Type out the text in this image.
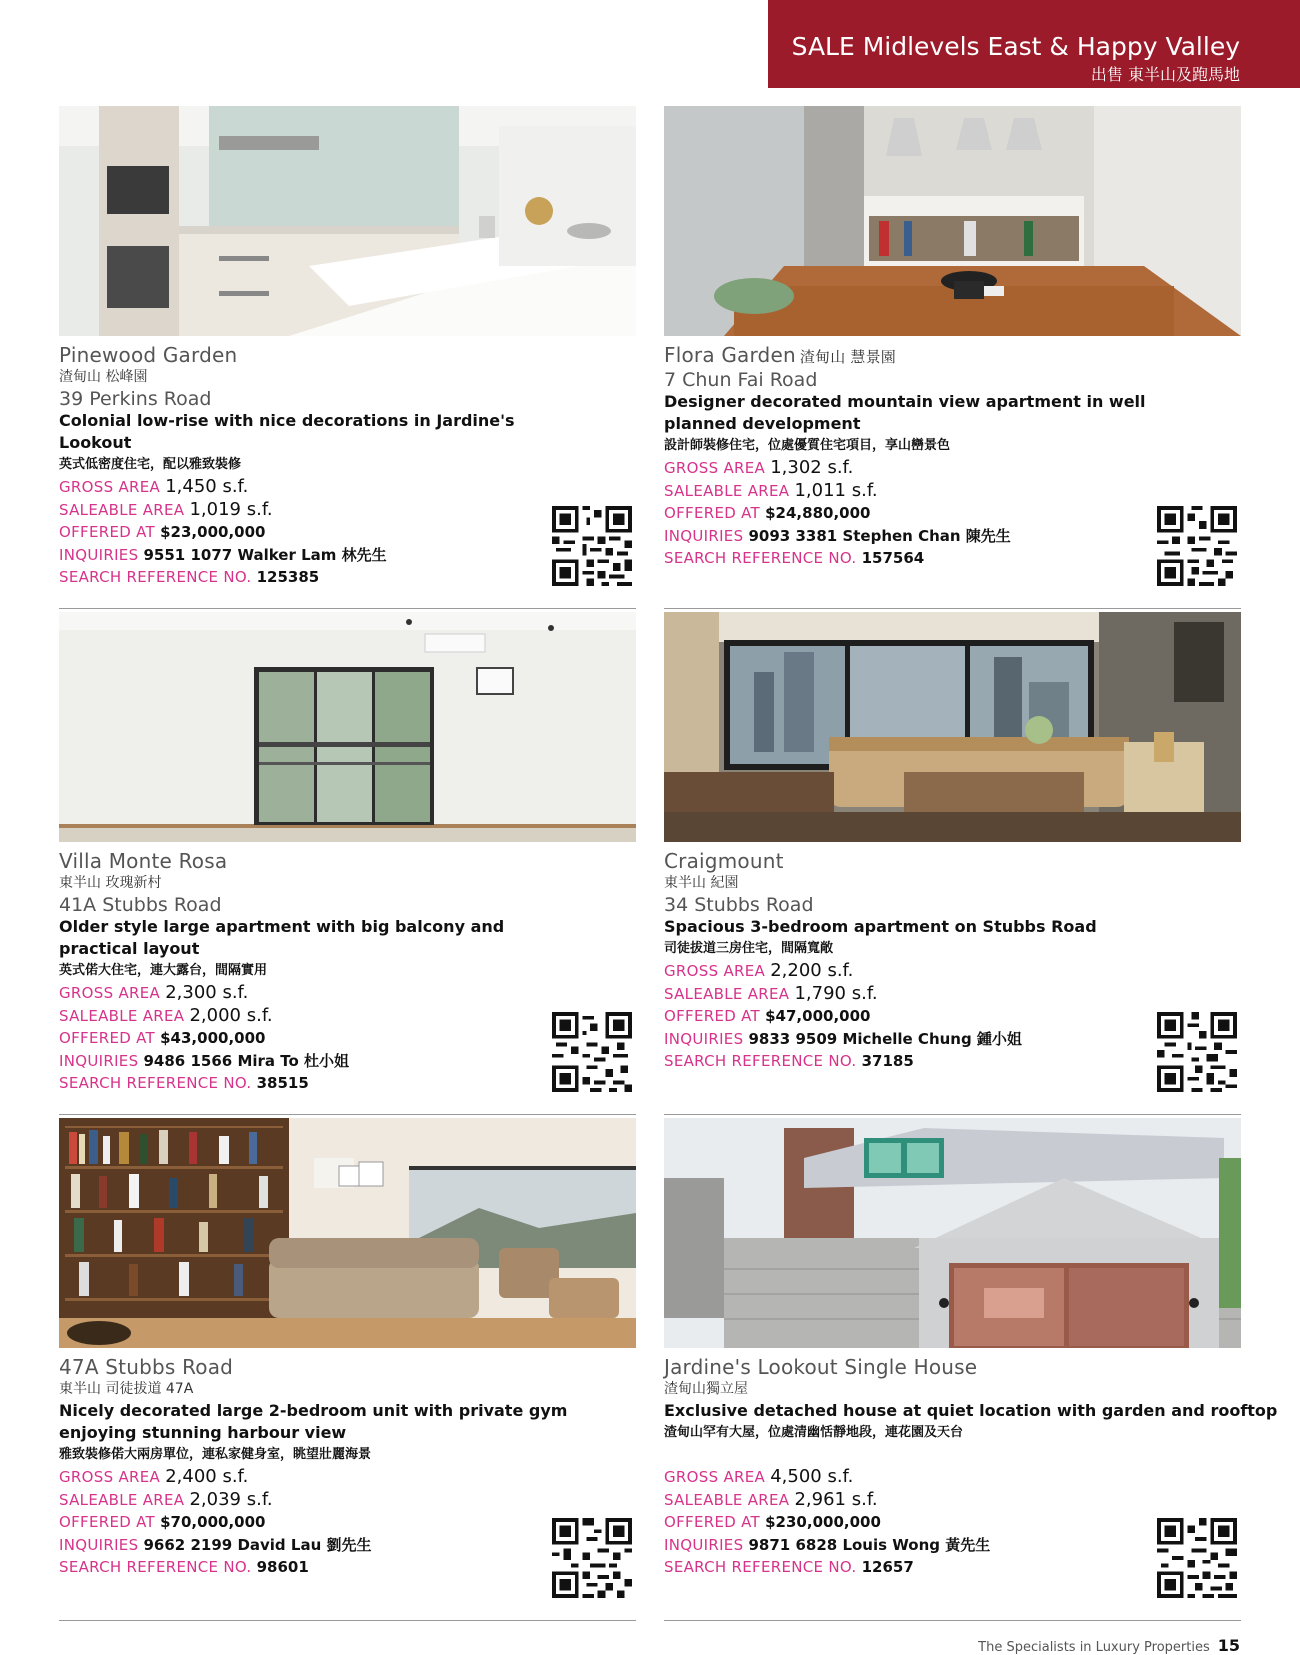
SALE Midlevels East & Happy Valley
出售 東半山及跑馬地
Pinewood Garden
渣甸山 松峰園
39 Perkins Road
Colonial low-rise with nice decorations in Jardine's Lookout
英式低密度住宅，配以雅致裝修
GROSS AREA 1,450 s.f.
SALEABLE AREA 1,019 s.f.
OFFERED AT $23,000,000
INQUIRIES 9551 1077 Walker Lam 林先生
SEARCH REFERENCE NO. 125385
Flora Garden 渣甸山 慧景園
7 Chun Fai Road
Designer decorated mountain view apartment in well planned development
設計師裝修住宅，位處優質住宅項目，享山巒景色
GROSS AREA 1,302 s.f.
SALEABLE AREA 1,011 s.f.
OFFERED AT $24,880,000
INQUIRIES 9093 3381 Stephen Chan 陳先生
SEARCH REFERENCE NO. 157564
Villa Monte Rosa
東半山 玫瑰新村
41A Stubbs Road
Older style large apartment with big balcony and practical layout
英式偌大住宅，連大露台，間隔實用
GROSS AREA 2,300 s.f.
SALEABLE AREA 2,000 s.f.
OFFERED AT $43,000,000
INQUIRIES 9486 1566 Mira To 杜小姐
SEARCH REFERENCE NO. 38515
Craigmount
東半山 紀園
34 Stubbs Road
Spacious 3-bedroom apartment on Stubbs Road
司徒拔道三房住宅，間隔寬敞
GROSS AREA 2,200 s.f.
SALEABLE AREA 1,790 s.f.
OFFERED AT $47,000,000
INQUIRIES 9833 9509 Michelle Chung 鍾小姐
SEARCH REFERENCE NO. 37185
47A Stubbs Road
東半山 司徒拔道 47A
Nicely decorated large 2-bedroom unit with private gym enjoying stunning harbour view
雅致裝修偌大兩房單位，連私家健身室，眺望壯麗海景
GROSS AREA 2,400 s.f.
SALEABLE AREA 2,039 s.f.
OFFERED AT $70,000,000
INQUIRIES 9662 2199 David Lau 劉先生
SEARCH REFERENCE NO. 98601
Jardine's Lookout Single House
渣甸山獨立屋
Exclusive detached house at quiet location with garden and rooftop
渣甸山罕有大屋，位處清幽恬靜地段，連花園及天台
GROSS AREA 4,500 s.f.
SALEABLE AREA 2,961 s.f.
OFFERED AT $230,000,000
INQUIRIES 9871 6828 Louis Wong 黃先生
SEARCH REFERENCE NO. 12657
The Specialists in Luxury Properties 15
